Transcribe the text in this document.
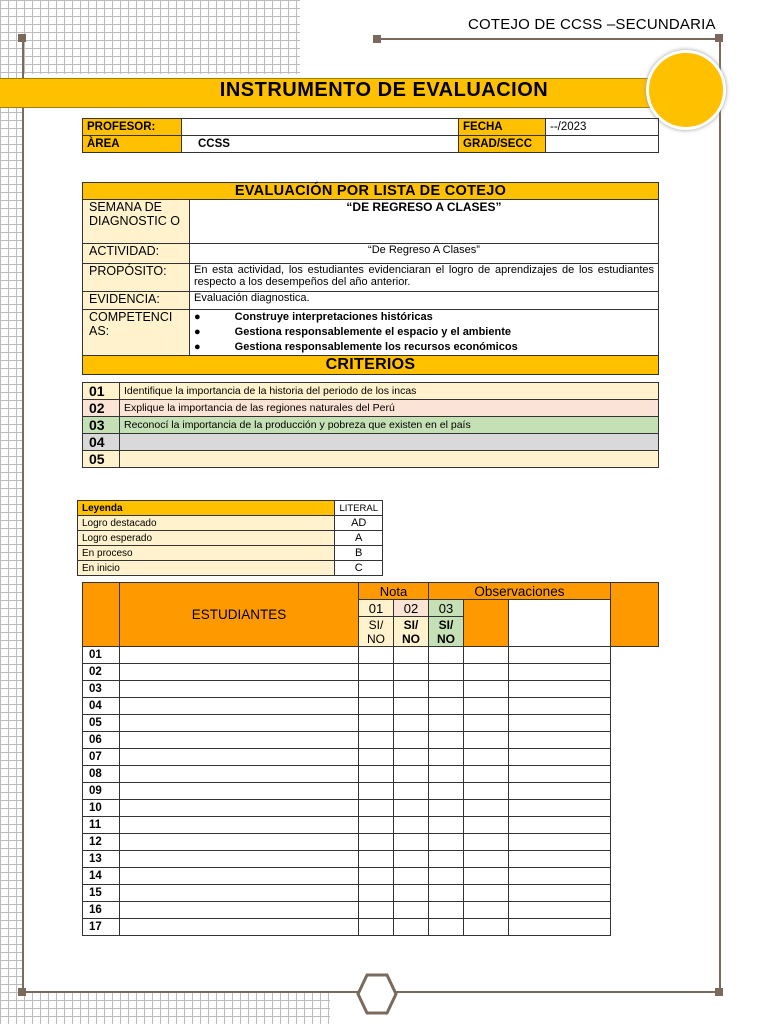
COTEJO DE CCSS –SECUNDARIA
INSTRUMENTO DE EVALUACION
PROFESOR:		FECHA	--/2023
ÀREA	CCSS	GRAD/SECC	
EVALUACIÓN POR LISTA DE COTEJO	
SEMANA DE DIAGNOSTIC O	“DE REGRESO A CLASES”
ACTIVIDAD:	“De Regreso A Clases”
PROPÓSITO:	En esta actividad, los estudiantes evidenciaran el logro de aprendizajes de los estudiantes respecto a los desempeños del año anterior.
EVIDENCIA:	Evaluación diagnostica.
COMPETENCI AS:	● Construye interpretaciones históricas
● Gestiona responsablemente el espacio y el ambiente
● Gestiona responsablemente los recursos económicos

CRITERIOS	
01	Identifique la importancia de la historia del periodo de los incas
02	Explique la importancia de las regiones naturales del Perú
03	Reconocí la importancia de la producción y pobreza que existen en el país
04	
05	
Leyenda	LITERAL
Logro destacado	AD
Logro esperado	A
En proceso	B
En inicio	C
	ESTUDIANTES	Nota		Observaciones			
		01	02	03			
		SI/ NO	SI/ NO	SI/ NO			
01							
02							
03							
04							
05							
06							
07							
08							
09							
10							
11							
12							
13							
14							
15							
16							
17							
